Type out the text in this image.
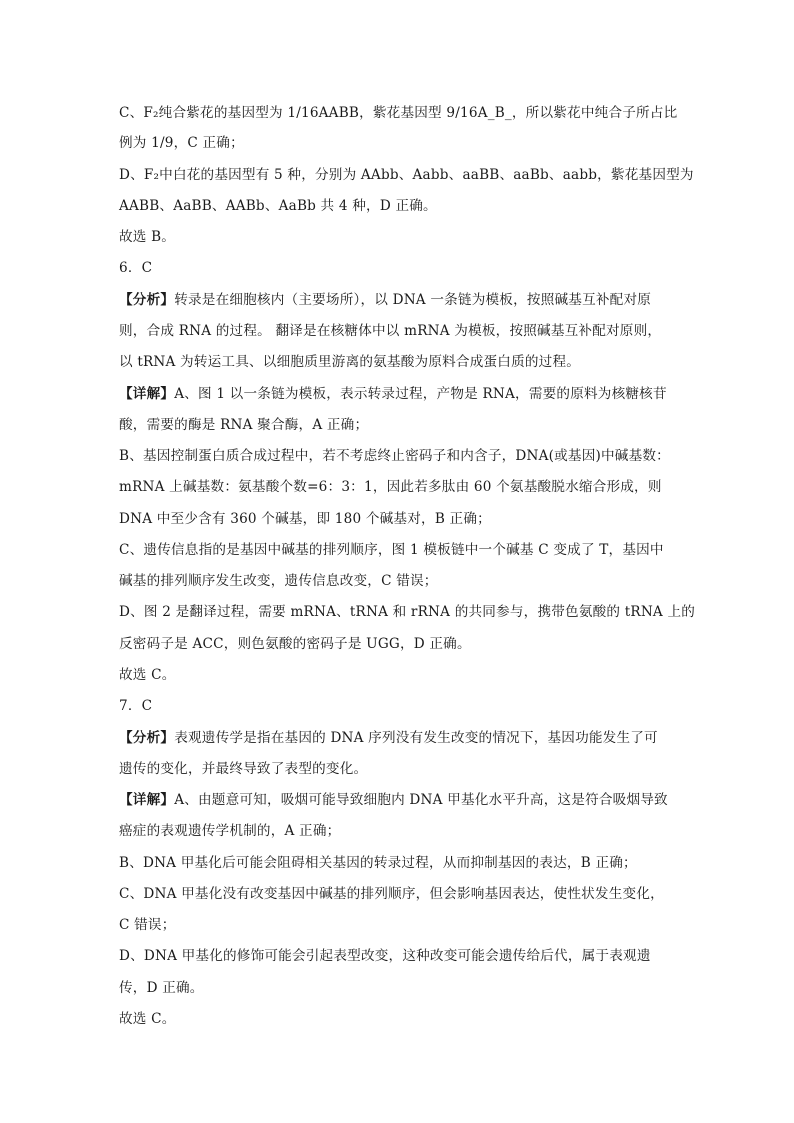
C、F₂纯合紫花的基因型为 1/16AABB，紫花基因型 9/16A_B_，所以紫花中纯合子所占比
例为 1/9，C 正确；
D、F₂中白花的基因型有 5 种，分别为 AAbb、Aabb、aaBB、aaBb、aabb，紫花基因型为
AABB、AaBB、AABb、AaBb 共 4 种，D 正确。
故选 B。
6．C
【分析】转录是在细胞核内（主要场所），以 DNA 一条链为模板，按照碱基互补配对原
则，合成 RNA 的过程。 翻译是在核糖体中以 mRNA 为模板，按照碱基互补配对原则，
以 tRNA 为转运工具、以细胞质里游离的氨基酸为原料合成蛋白质的过程。
【详解】A、图 1 以一条链为模板，表示转录过程，产物是 RNA，需要的原料为核糖核苷
酸，需要的酶是 RNA 聚合酶，A 正确；
B、基因控制蛋白质合成过程中，若不考虑终止密码子和内含子，DNA(或基因)中碱基数：
mRNA 上碱基数：氨基酸个数=6：3：1，因此若多肽由 60 个氨基酸脱水缩合形成，则
DNA 中至少含有 360 个碱基，即 180 个碱基对，B 正确；
C、遗传信息指的是基因中碱基的排列顺序，图 1 模板链中一个碱基 C 变成了 T，基因中
碱基的排列顺序发生改变，遗传信息改变，C 错误；
D、图 2 是翻译过程，需要 mRNA、tRNA 和 rRNA 的共同参与，携带色氨酸的 tRNA 上的
反密码子是 ACC，则色氨酸的密码子是 UGG，D 正确。
故选 C。
7．C
【分析】表观遗传学是指在基因的 DNA 序列没有发生改变的情况下，基因功能发生了可
遗传的变化，并最终导致了表型的变化。
【详解】A、由题意可知，吸烟可能导致细胞内 DNA 甲基化水平升高，这是符合吸烟导致
癌症的表观遗传学机制的，A 正确；
B、DNA 甲基化后可能会阻碍相关基因的转录过程，从而抑制基因的表达，B 正确；
C、DNA 甲基化没有改变基因中碱基的排列顺序，但会影响基因表达，使性状发生变化，
C 错误；
D、DNA 甲基化的修饰可能会引起表型改变，这种改变可能会遗传给后代，属于表观遗
传，D 正确。
故选 C。
